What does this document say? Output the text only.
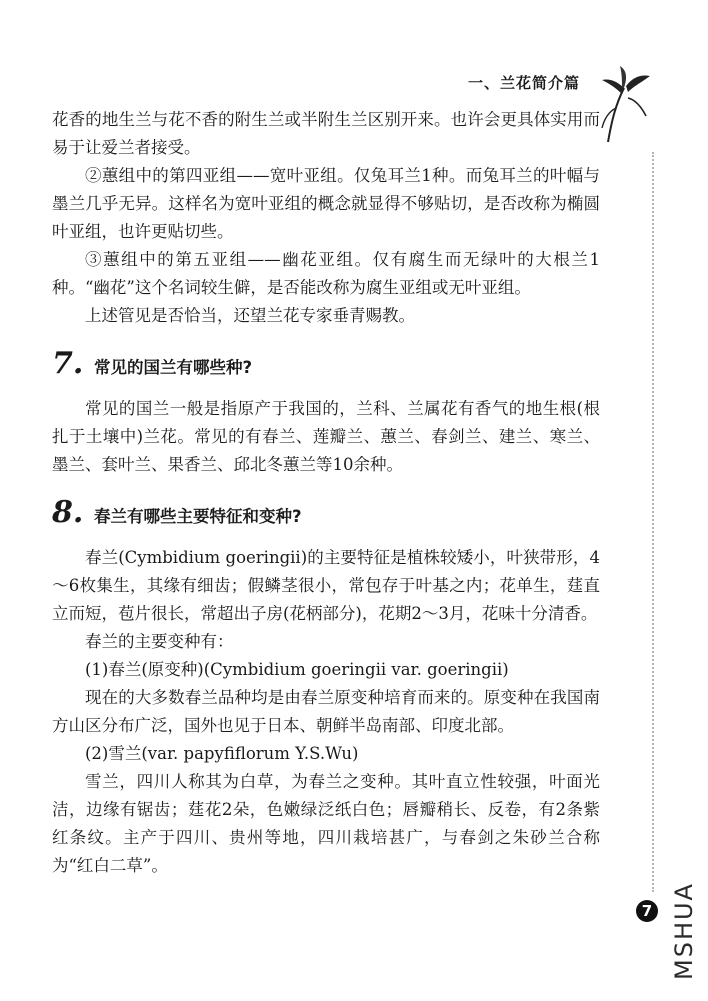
一、兰花简介篇

花香的地生兰与花不香的附生兰或半附生兰区别开来。也许会更具体实用而易于让爱兰者接受。

②蕙组中的第四亚组——宽叶亚组。仅兔耳兰1种。而兔耳兰的叶幅与墨兰几乎无异。这样名为宽叶亚组的概念就显得不够贴切，是否改称为椭圆叶亚组，也许更贴切些。

③蕙组中的第五亚组——幽花亚组。仅有腐生而无绿叶的大根兰1种。“幽花”这个名词较生僻，是否能改称为腐生亚组或无叶亚组。

上述管见是否恰当，还望兰花专家垂青赐教。

7. 常见的国兰有哪些种?

常见的国兰一般是指原产于我国的，兰科、兰属花有香气的地生根(根扎于土壤中)兰花。常见的有春兰、莲瓣兰、蕙兰、春剑兰、建兰、寒兰、墨兰、套叶兰、果香兰、邱北冬蕙兰等10余种。

8. 春兰有哪些主要特征和变种?

春兰(Cymbidium goeringii)的主要特征是植株较矮小，叶狭带形，4～6枚集生，其缘有细齿；假鳞茎很小，常包存于叶基之内；花单生，莛直立而短，苞片很长，常超出子房(花柄部分)，花期2～3月，花味十分清香。

春兰的主要变种有：

(1)春兰(原变种)(Cymbidium goeringii var. goeringii)

现在的大多数春兰品种均是由春兰原变种培育而来的。原变种在我国南方山区分布广泛，国外也见于日本、朝鲜半岛南部、印度北部。

(2)雪兰(var. papyfiflorum Y.S.Wu)

雪兰，四川人称其为白草，为春兰之变种。其叶直立性较强，叶面光洁，边缘有锯齿；莛花2朵，色嫩绿泛纸白色；唇瓣稍长、反卷，有2条紫红条纹。主产于四川、贵州等地，四川栽培甚广，与春剑之朱砂兰合称为“红白二草”。

7 MSHUA
